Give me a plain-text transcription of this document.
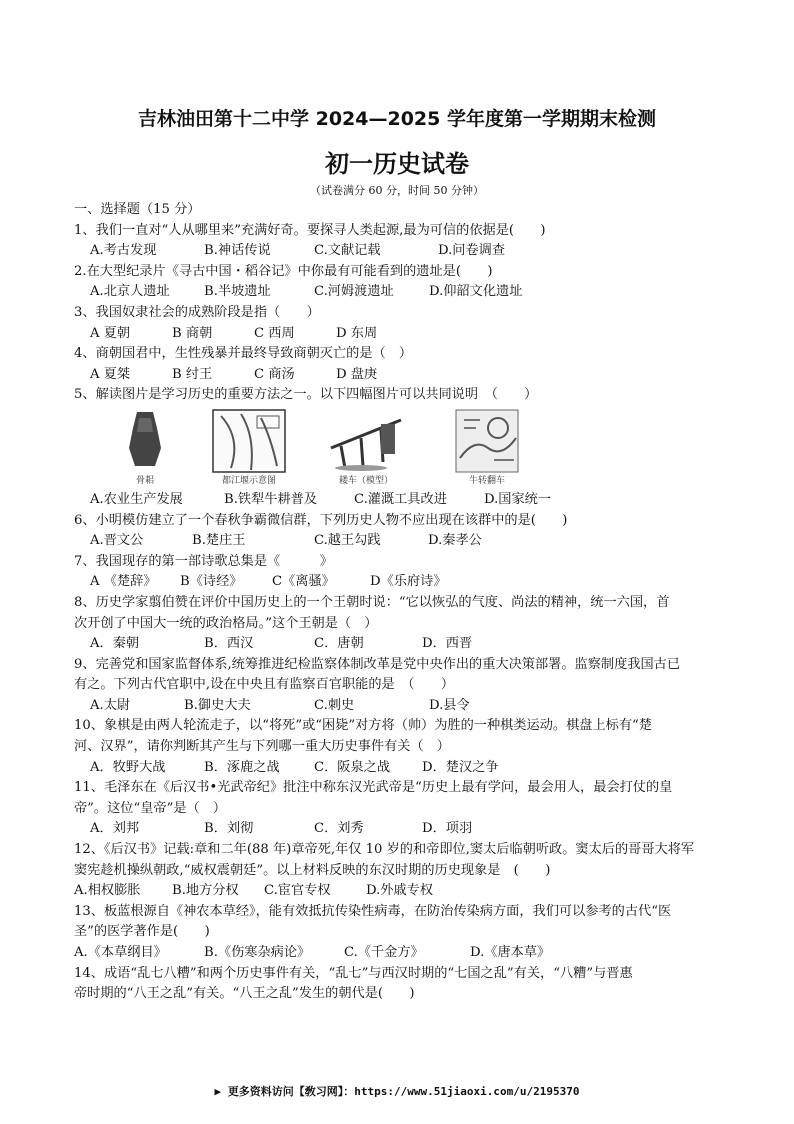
吉林油田第十二中学 2024—2025 学年度第一学期期末检测
初一历史试卷
（试卷满分 60 分，时间 50 分钟）
一、选择题（15 分）
1、我们一直对“人从哪里来”充满好奇。要探寻人类起源,最为可信的依据是(　　)
A.考古发现	B.神话传说	C.文献记载	D.问卷调查
2.在大型纪录片《寻古中国・稻谷记》中你最有可能看到的遗址是(　　)
A.北京人遗址	B.半坡遗址	C.河姆渡遗址	D.仰韶文化遗址
3、我国奴隶社会的成熟阶段是指（　　）
A 夏朝	B 商朝	C 西周	D 东周
4、商朝国君中，生性残暴并最终导致商朝灭亡的是（　）
A 夏桀	B 纣王	C 商汤	D 盘庚
5、解读图片是学习历史的重要方法之一。以下四幅图片可以共同说明　（　　）
骨耜	都江堰示意图	耧车（模型）	牛转翻车
A.农业生产发展	B.铁犁牛耕普及	C.灌溉工具改进	D.国家统一
6、小明模仿建立了一个春秋争霸微信群，下列历史人物不应出现在该群中的是(　　)
A.晋文公	B.楚庄王	C.越王勾践	D.秦孝公
7、我国现存的第一部诗歌总集是《　　　》
A 《楚辞》 B《诗经》 C《离骚》	D《乐府诗》
8、历史学家翦伯赞在评价中国历史上的一个王朝时说：“它以恢弘的气度、尚法的精神，统一六国，首
次开创了中国大一统的政治格局。”这个王朝是（　）
A．秦朝	B．西汉	C．唐朝	D．西晋
9、完善党和国家监督体系,统筹推进纪检监察体制改革是党中央作出的重大决策部署。监察制度我国古已
有之。下列古代官职中,设在中央且有监察百官职能的是　（　　）
A.太尉	B.御史大夫	C.刺史	D.县令
10、象棋是由两人轮流走子，以“将死”或“困毙”对方将（帅）为胜的一种棋类运动。棋盘上标有“楚
河、汉界”，请你判断其产生与下列哪一重大历史事件有关（　）
A．牧野大战	B．涿鹿之战	C．阪泉之战 D．楚汉之争
11、毛泽东在《后汉书•光武帝纪》批注中称东汉光武帝是“历史上最有学问，最会用人，最会打仗的皇
帝”。这位“皇帝”是（　）
A．刘邦	B．刘彻	C．刘秀	D．项羽
12、《后汉书》记载:章和二年(88 年)章帝死,年仅 10 岁的和帝即位,窦太后临朝听政。窦太后的哥哥大将军
窦宪趁机操纵朝政,“威权震朝廷”。以上材料反映的东汉时期的历史现象是　(　　)
A.相权膨胀 B.地方分权 C.宦官专权	D.外戚专权
13、板蓝根源自《神农本草经》，能有效抵抗传染性病毒，在防治传染病方面，我们可以参考的古代“医
圣”的医学著作是(　　)
A.《本草纲目》	B.《伤寒杂病论》	C.《千金方》	D.《唐本草》
14、成语“乱七八糟”和两个历史事件有关，“乱七”与西汉时期的“七国之乱”有关，“八糟”与晋惠
帝时期的“八王之乱”有关。“八王之乱”发生的朝代是(　　)
▶ 更多资料访问【敎习网】：https://www.51jiaoxi.com/u/2195370
